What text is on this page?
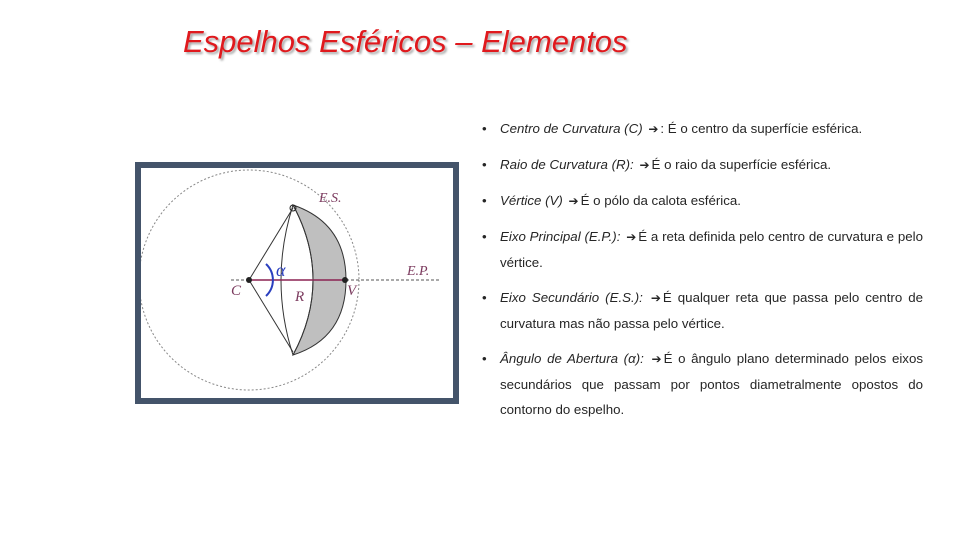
Espelhos Esféricos – Elementos
E.S.
E.P.
α
C	R	V
• Centro de Curvatura (C) ➔ : É o centro da superfície esférica.
• Raio de Curvatura (R): ➔ É o raio da superfície esférica.
• Vértice (V) ➔ É o pólo da calota esférica.
• Eixo Principal (E.P.): ➔ É a reta definida pelo centro de curvatura e pelo vértice.
• Eixo Secundário (E.S.): ➔ É qualquer reta que passa pelo centro de curvatura mas não passa pelo vértice.
• Ângulo de Abertura (α): ➔ É o ângulo plano determinado pelos eixos secundários que passam por pontos diametralmente opostos do contorno do espelho.
